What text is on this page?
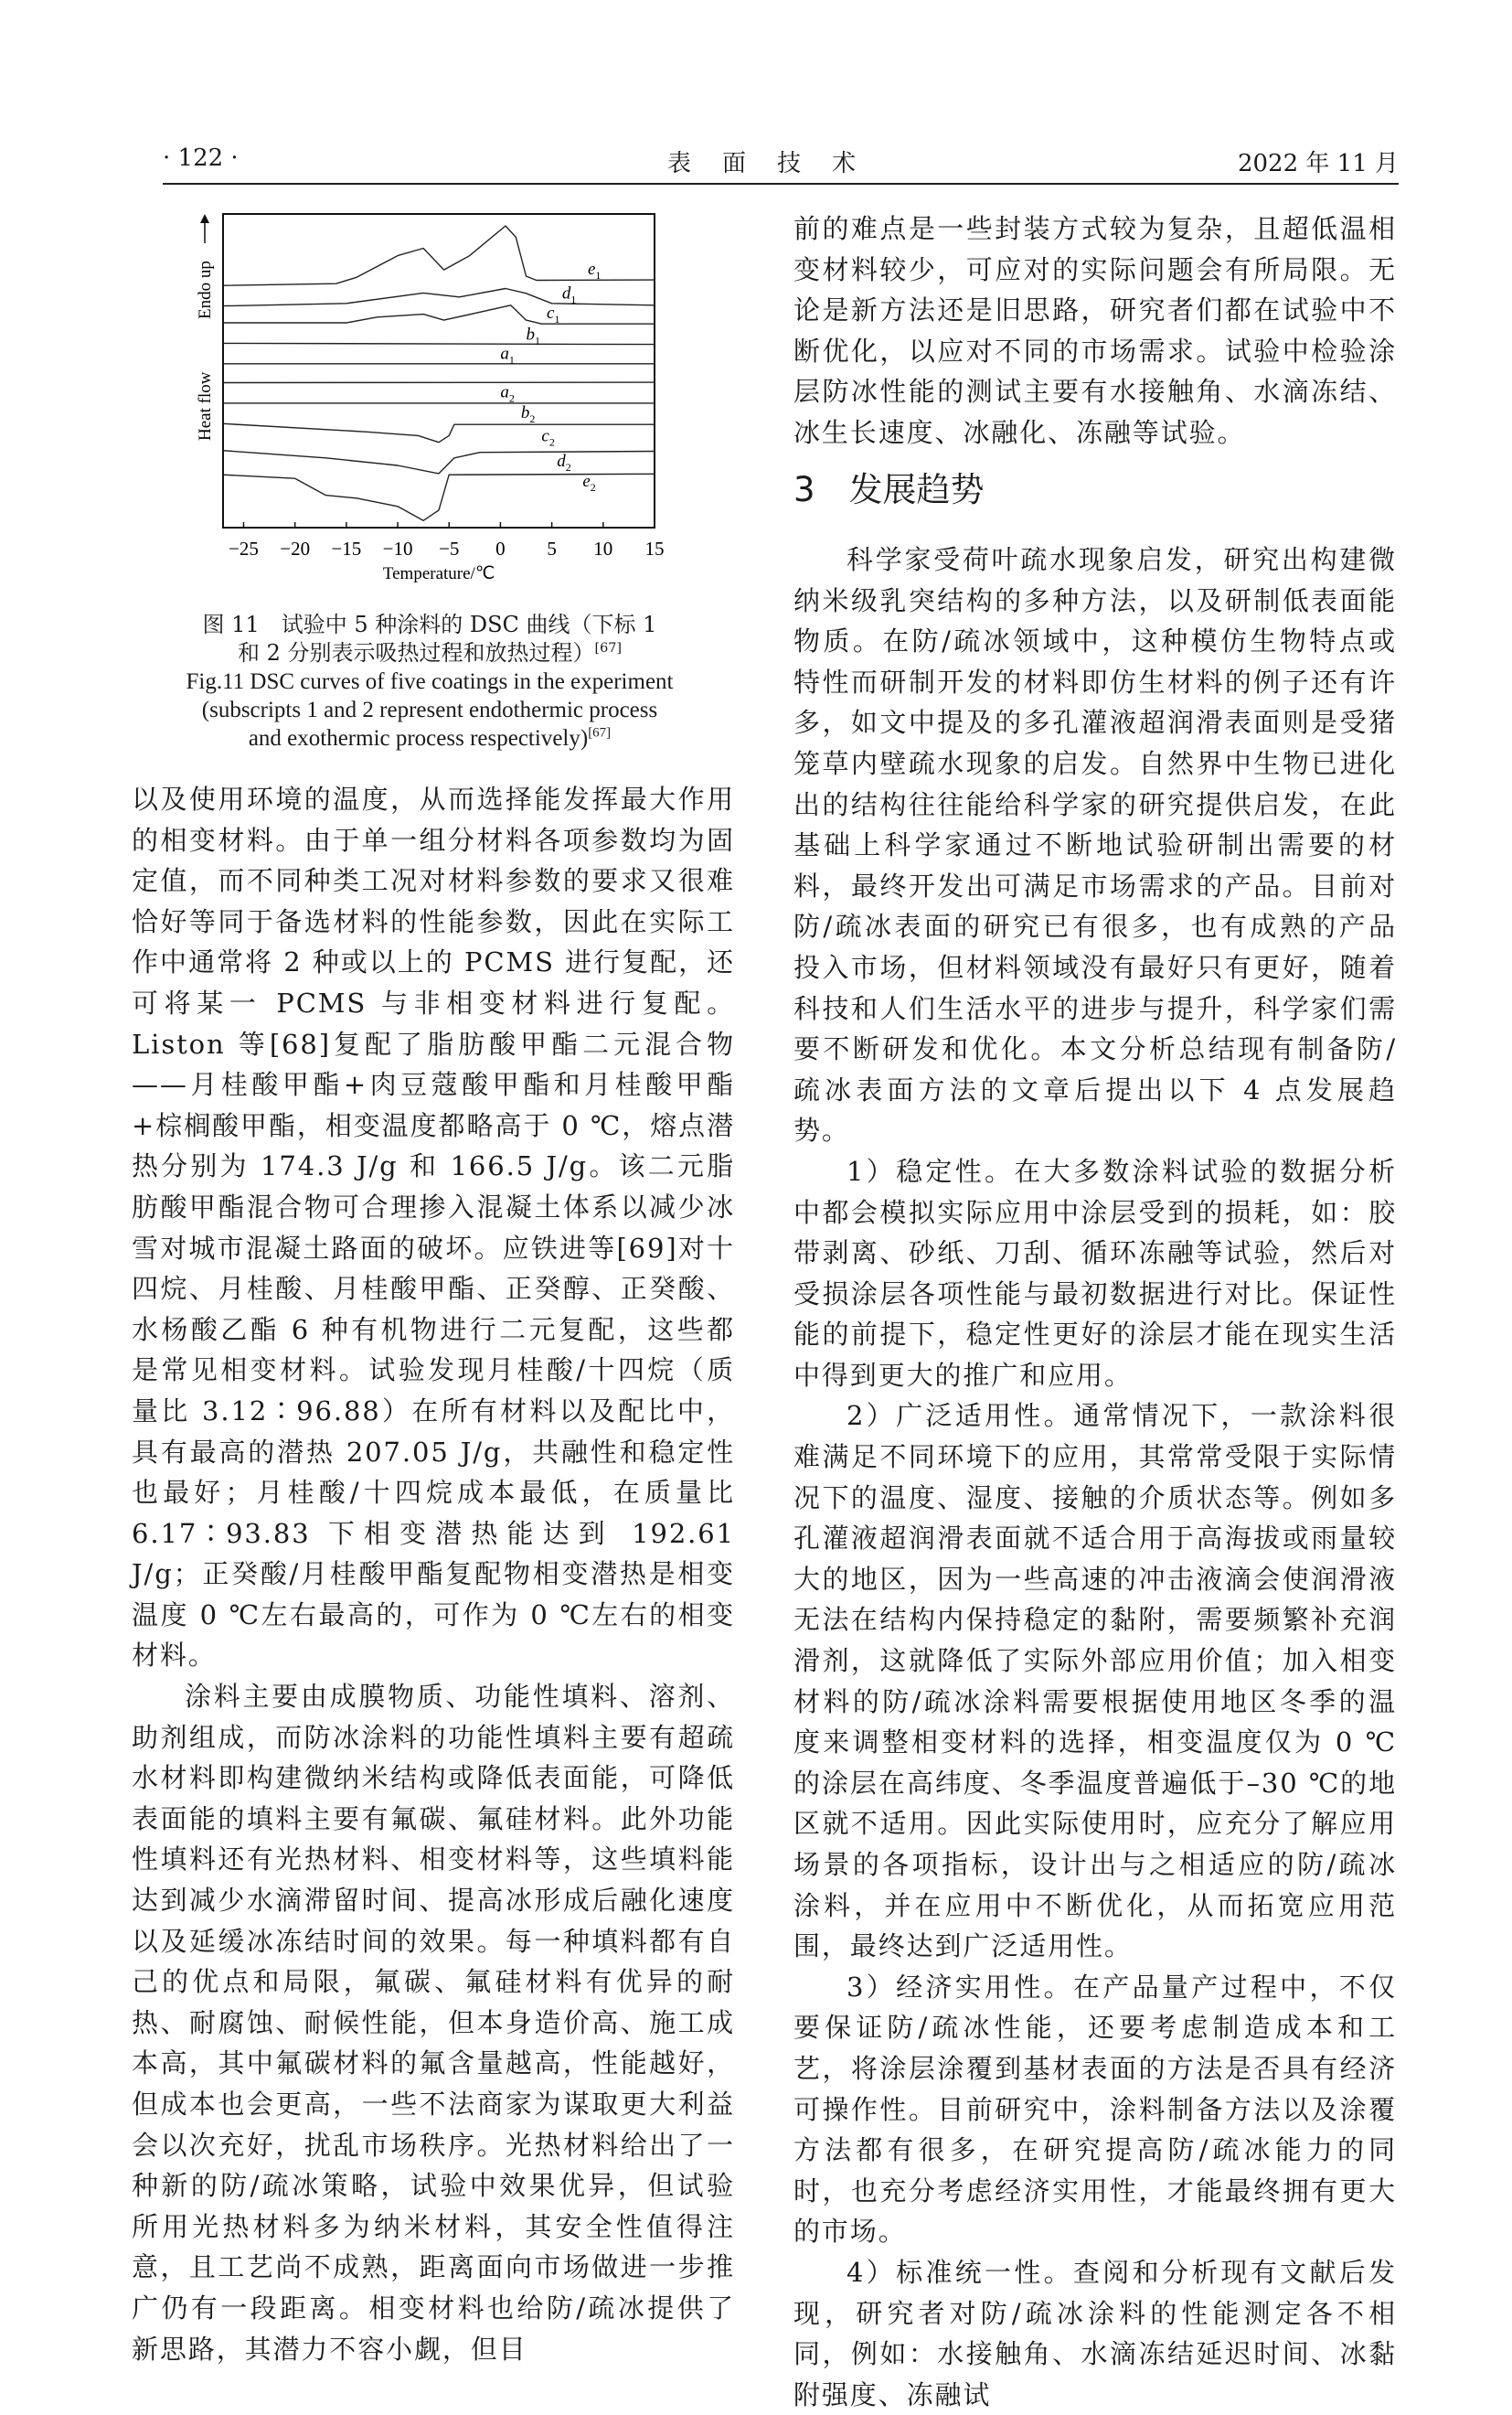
· 122 ·	表　面　技　术	2022 年 11 月
−25 −20 −15 −10 −5 0 5 10 15
Temperature/℃
Heat flow
Endo up	$e_1$
$d_1$
$c_1$
$b_1$
$a_1$
$a_2$
$b_2$
$c_2$
$d_2$
$e_2$
图 11　试验中 5 种涂料的 DSC 曲线（下标 1
和 2 分别表示吸热过程和放热过程）[67]
Fig.11 DSC curves of five coatings in the experiment
(subscripts 1 and 2 represent endothermic process
and exothermic process respectively)[67]

以及使用环境的温度，从而选择能发挥最大作用的相变材料。由于单一组分材料各项参数均为固定值，而不同种类工况对材料参数的要求又很难恰好等同于备选材料的性能参数，因此在实际工作中通常将 2 种或以上的 PCMS 进行复配，还可将某一 PCMS 与非相变材料进行复配。Liston 等[68]复配了脂肪酸甲酯二元混合物——月桂酸甲酯+肉豆蔻酸甲酯和月桂酸甲酯+棕榈酸甲酯，相变温度都略高于 0 ℃，熔点潜热分别为 174.3 J/g 和 166.5 J/g。该二元脂肪酸甲酯混合物可合理掺入混凝土体系以减少冰雪对城市混凝土路面的破坏。应铁进等[69]对十四烷、月桂酸、月桂酸甲酯、正癸醇、正癸酸、水杨酸乙酯 6 种有机物进行二元复配，这些都是常见相变材料。试验发现月桂酸/十四烷（质量比 3.12∶96.88）在所有材料以及配比中，具有最高的潜热 207.05 J/g，共融性和稳定性也最好；月桂酸/十四烷成本最低，在质量比 6.17∶93.83 下相变潜热能达到 192.61 J/g；正癸酸/月桂酸甲酯复配物相变潜热是相变温度 0 ℃左右最高的，可作为 0 ℃左右的相变材料。

涂料主要由成膜物质、功能性填料、溶剂、助剂组成，而防冰涂料的功能性填料主要有超疏水材料即构建微纳米结构或降低表面能，可降低表面能的填料主要有氟碳、氟硅材料。此外功能性填料还有光热材料、相变材料等，这些填料能达到减少水滴滞留时间、提高冰形成后融化速度以及延缓冰冻结时间的效果。每一种填料都有自己的优点和局限，氟碳、氟硅材料有优异的耐热、耐腐蚀、耐候性能，但本身造价高、施工成本高，其中氟碳材料的氟含量越高，性能越好，但成本也会更高，一些不法商家为谋取更大利益会以次充好，扰乱市场秩序。光热材料给出了一种新的防/疏冰策略，试验中效果优异，但试验所用光热材料多为纳米材料，其安全性值得注意，且工艺尚不成熟，距离面向市场做进一步推广仍有一段距离。相变材料也给防/疏冰提供了新思路，其潜力不容小觑，但目

前的难点是一些封装方式较为复杂，且超低温相变材料较少，可应对的实际问题会有所局限。无论是新方法还是旧思路，研究者们都在试验中不断优化，以应对不同的市场需求。试验中检验涂层防冰性能的测试主要有水接触角、水滴冻结、冰生长速度、冰融化、冻融等试验。

3　发展趋势

科学家受荷叶疏水现象启发，研究出构建微纳米级乳突结构的多种方法，以及研制低表面能物质。在防/疏冰领域中，这种模仿生物特点或特性而研制开发的材料即仿生材料的例子还有许多，如文中提及的多孔灌液超润滑表面则是受猪笼草内壁疏水现象的启发。自然界中生物已进化出的结构往往能给科学家的研究提供启发，在此基础上科学家通过不断地试验研制出需要的材料，最终开发出可满足市场需求的产品。目前对防/疏冰表面的研究已有很多，也有成熟的产品投入市场，但材料领域没有最好只有更好，随着科技和人们生活水平的进步与提升，科学家们需要不断研发和优化。本文分析总结现有制备防/疏冰表面方法的文章后提出以下 4 点发展趋势。

1）稳定性。在大多数涂料试验的数据分析中都会模拟实际应用中涂层受到的损耗，如：胶带剥离、砂纸、刀刮、循环冻融等试验，然后对受损涂层各项性能与最初数据进行对比。保证性能的前提下，稳定性更好的涂层才能在现实生活中得到更大的推广和应用。

2）广泛适用性。通常情况下，一款涂料很难满足不同环境下的应用，其常常受限于实际情况下的温度、湿度、接触的介质状态等。例如多孔灌液超润滑表面就不适合用于高海拔或雨量较大的地区，因为一些高速的冲击液滴会使润滑液无法在结构内保持稳定的黏附，需要频繁补充润滑剂，这就降低了实际外部应用价值；加入相变材料的防/疏冰涂料需要根据使用地区冬季的温度来调整相变材料的选择，相变温度仅为 0 ℃的涂层在高纬度、冬季温度普遍低于–30 ℃的地区就不适用。因此实际使用时，应充分了解应用场景的各项指标，设计出与之相适应的防/疏冰涂料，并在应用中不断优化，从而拓宽应用范围，最终达到广泛适用性。

3）经济实用性。在产品量产过程中，不仅要保证防/疏冰性能，还要考虑制造成本和工艺，将涂层涂覆到基材表面的方法是否具有经济可操作性。目前研究中，涂料制备方法以及涂覆方法都有很多，在研究提高防/疏冰能力的同时，也充分考虑经济实用性，才能最终拥有更大的市场。

4）标准统一性。查阅和分析现有文献后发现，研究者对防/疏冰涂料的性能测定各不相同，例如：水接触角、水滴冻结延迟时间、冰黏附强度、冻融试
